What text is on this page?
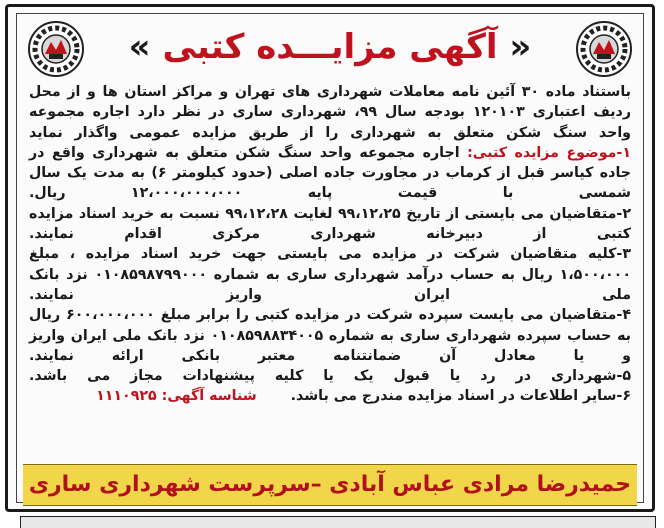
« آگهی مزایـــده کتبی »

باستناد ماده ۳۰ آئین نامه معاملات شهرداری های تهران و مراکز استان ها و از محل ردیف اعتباری ۱۲۰۱۰۳ بودجه سال ۹۹، شهرداری ساری در نظر دارد اجاره مجموعه واحد سنگ شکن متعلق به شهرداری را از طریق مزایده عمومی واگذار نماید

۱-موضوع مزایده کتبی: اجاره مجموعه واحد سنگ شکن متعلق به شهرداری واقع در جاده کیاسر قبل از کرماب در مجاورت جاده اصلی (حدود کیلومتر ۶) به مدت یک سال شمسی با قیمت پایه ۱۲،۰۰۰،۰۰۰،۰۰۰ ریال.

۲-متقاضیان می بایستی از تاریخ ۹۹،۱۲،۲۵ لغایت ۹۹،۱۲،۲۸ نسبت به خرید اسناد مزایده کتبی از دبیرخانه شهرداری مرکزی اقدام نمایند.

۳-کلیه متقاضیان شرکت در مزایده می بایستی جهت خرید اسناد مزایده ، مبلغ ۱،۵۰۰،۰۰۰ ریال به حساب درآمد شهرداری ساری به شماره ۰۱۰۸۵۹۸۷۹۹۰۰۰ نزد بانک ملی ایران واریز نمایند.

۴-متقاضیان می بایست سپرده شرکت در مزایده کتبی را برابر مبلغ ۶۰۰،۰۰۰،۰۰۰ ریال به حساب سپرده شهرداری ساری به شماره ۰۱۰۸۵۹۸۸۳۴۰۰۵ نزد بانک ملی ایران واریز و یا معادل آن ضمانتنامه معتبر بانکی ارائه نمایند.

۵-شهرداری در رد یا قبول یک یا کلیه پیشنهادات مجاز می باشد.

۶-سایر اطلاعات در اسناد مزایده مندرج می باشد.  شناسه آگهی: ۱۱۱۰۹۲۵

حمیدرضا مرادی عباس آبادی –سرپرست شهرداری ساری
